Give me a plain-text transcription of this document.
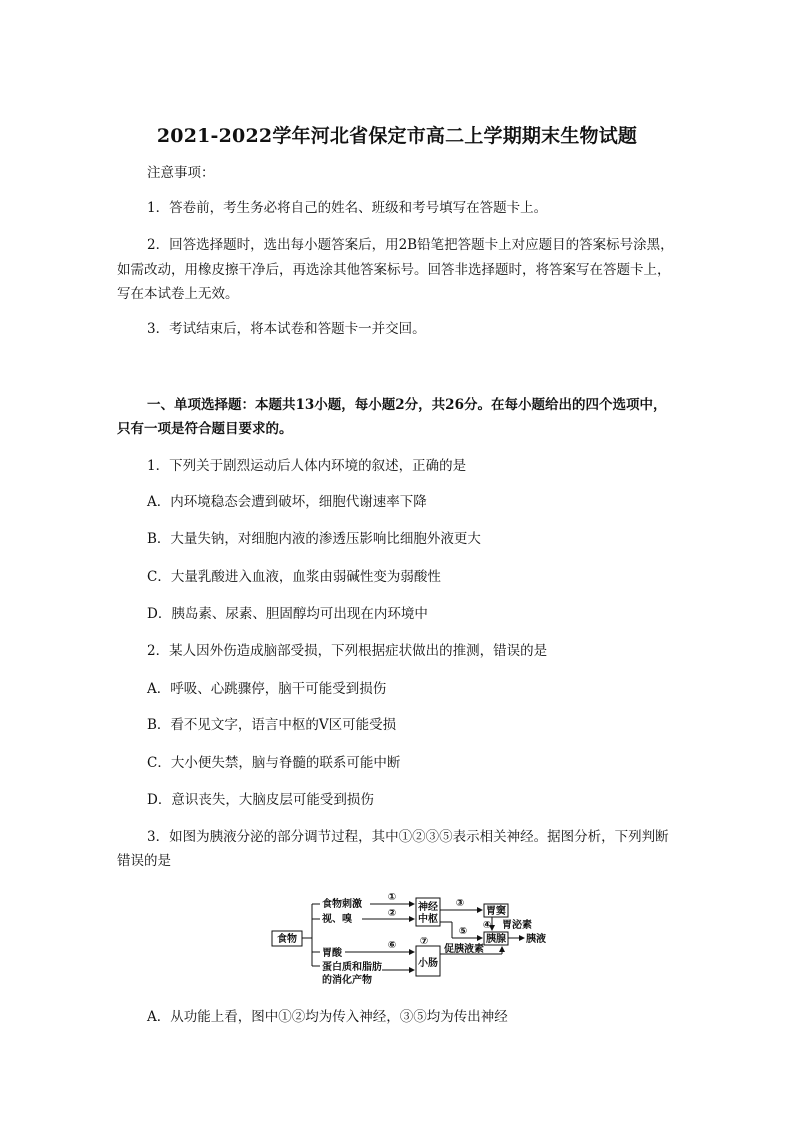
2021-2022学年河北省保定市高二上学期期末生物试题
注意事项：
1．答卷前，考生务必将自己的姓名、班级和考号填写在答题卡上。
2．回答选择题时，选出每小题答案后，用2B铅笔把答题卡上对应题目的答案标号涂黑，
如需改动，用橡皮擦干净后，再选涂其他答案标号。回答非选择题时，将答案写在答题卡上，
写在本试卷上无效。
3．考试结束后，将本试卷和答题卡一并交回。
一、单项选择题：本题共13小题，每小题2分，共26分。在每小题给出的四个选项中，
只有一项是符合题目要求的。
1．下列关于剧烈运动后人体内环境的叙述，正确的是
A．内环境稳态会遭到破坏，细胞代谢速率下降
B．大量失钠，对细胞内液的渗透压影响比细胞外液更大
C．大量乳酸进入血液，血浆由弱碱性变为弱酸性
D．胰岛素、尿素、胆固醇均可出现在内环境中
2．某人因外伤造成脑部受损，下列根据症状做出的推测，错误的是
A．呼吸、心跳骤停，脑干可能受到损伤
B．看不见文字，语言中枢的V区可能受损
C．大小便失禁，脑与脊髓的联系可能中断
D．意识丧失，大脑皮层可能受到损伤
3．如图为胰液分泌的部分调节过程，其中①②③⑤表示相关神经。据图分析，下列判断
错误的是
食物
食物刺激
视、嗅
胃酸
蛋白质和脂肪
的消化产物
①
②
神经
中枢
⑥
小肠
③
胃窦
④ 胃泌素
⑤
胰腺 胰液
⑦
促胰液素
A．从功能上看，图中①②均为传入神经，③⑤均为传出神经
